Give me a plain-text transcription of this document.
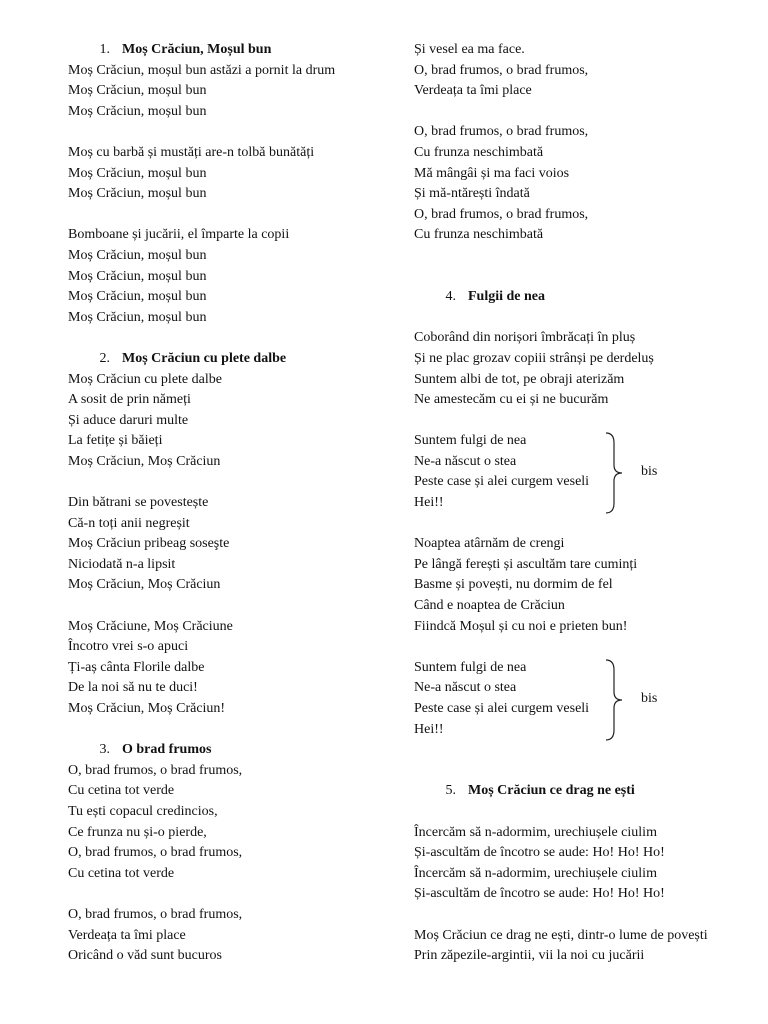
1. Moș Crăciun, Moșul bun
Moș Crăciun, moșul bun astăzi a pornit la drum
Moș Crăciun, moșul bun
Moș Crăciun, moșul bun
Moș cu barbă și mustăți are-n tolbă bunătăți
Moș Crăciun, moșul bun
Moș Crăciun, moșul bun
Bomboane și jucării, el împarte la copii
Moș Crăciun, moșul bun
Moș Crăciun, moșul bun
Moș Crăciun, moșul bun
Moș Crăciun, moșul bun
2. Moș Crăciun cu plete dalbe
Moș Crăciun cu plete dalbe
A sosit de prin nămeți
Și aduce daruri multe
La fetițe și băieți
Moș Crăciun, Moș Crăciun
Din bătrani se povestește
Că-n toți anii negreșit
Moș Crăciun pribeag soseşte
Niciodată n-a lipsit
Moș Crăciun, Moș Crăciun
Moș Crăciune, Moș Crăciune
Încotro vrei s-o apuci
Ți-aș cânta Florile dalbe
De la noi să nu te duci!
Moș Crăciun, Moș Crăciun!
3. O brad frumos
O, brad frumos, o brad frumos,
Cu cetina tot verde
Tu ești copacul credincios,
Ce frunza nu și-o pierde,
O, brad frumos, o brad frumos,
Cu cetina tot verde
O, brad frumos, o brad frumos,
Verdeața ta îmi place
Oricând o văd sunt bucuros
Și vesel ea ma face.
O, brad frumos, o brad frumos,
Verdeața ta îmi place
O, brad frumos, o brad frumos,
Cu frunza neschimbată
Mă mângâi și ma faci voios
Și mă-ntărești îndată
O, brad frumos, o brad frumos,
Cu frunza neschimbată
4. Fulgii de nea
Coborând din norișori îmbrăcați în pluș
Și ne plac grozav copiii strânși pe derdeluș
Suntem albi de tot, pe obraji aterizăm
Ne amestecăm cu ei și ne bucurăm
Suntem fulgi de nea
Ne-a născut o stea
Peste case și alei curgem veseli
Hei!!
bis
Noaptea atârnăm de crengi
Pe lângă ferești și ascultăm tare cuminți
Basme și povești, nu dormim de fel
Când e noaptea de Crăciun
Fiindcă Moșul și cu noi e prieten bun!
Suntem fulgi de nea
Ne-a născut o stea
Peste case și alei curgem veseli
Hei!!
bis
5. Moș Crăciun ce drag ne ești
Încercăm să n-adormim, urechiușele ciulim
Și-ascultăm de încotro se aude: Ho! Ho! Ho!
Încercăm să n-adormim, urechiușele ciulim
Și-ascultăm de încotro se aude: Ho! Ho! Ho!
Moș Crăciun ce drag ne ești, dintr-o lume de povești
Prin zăpezile-argintii, vii la noi cu jucării
